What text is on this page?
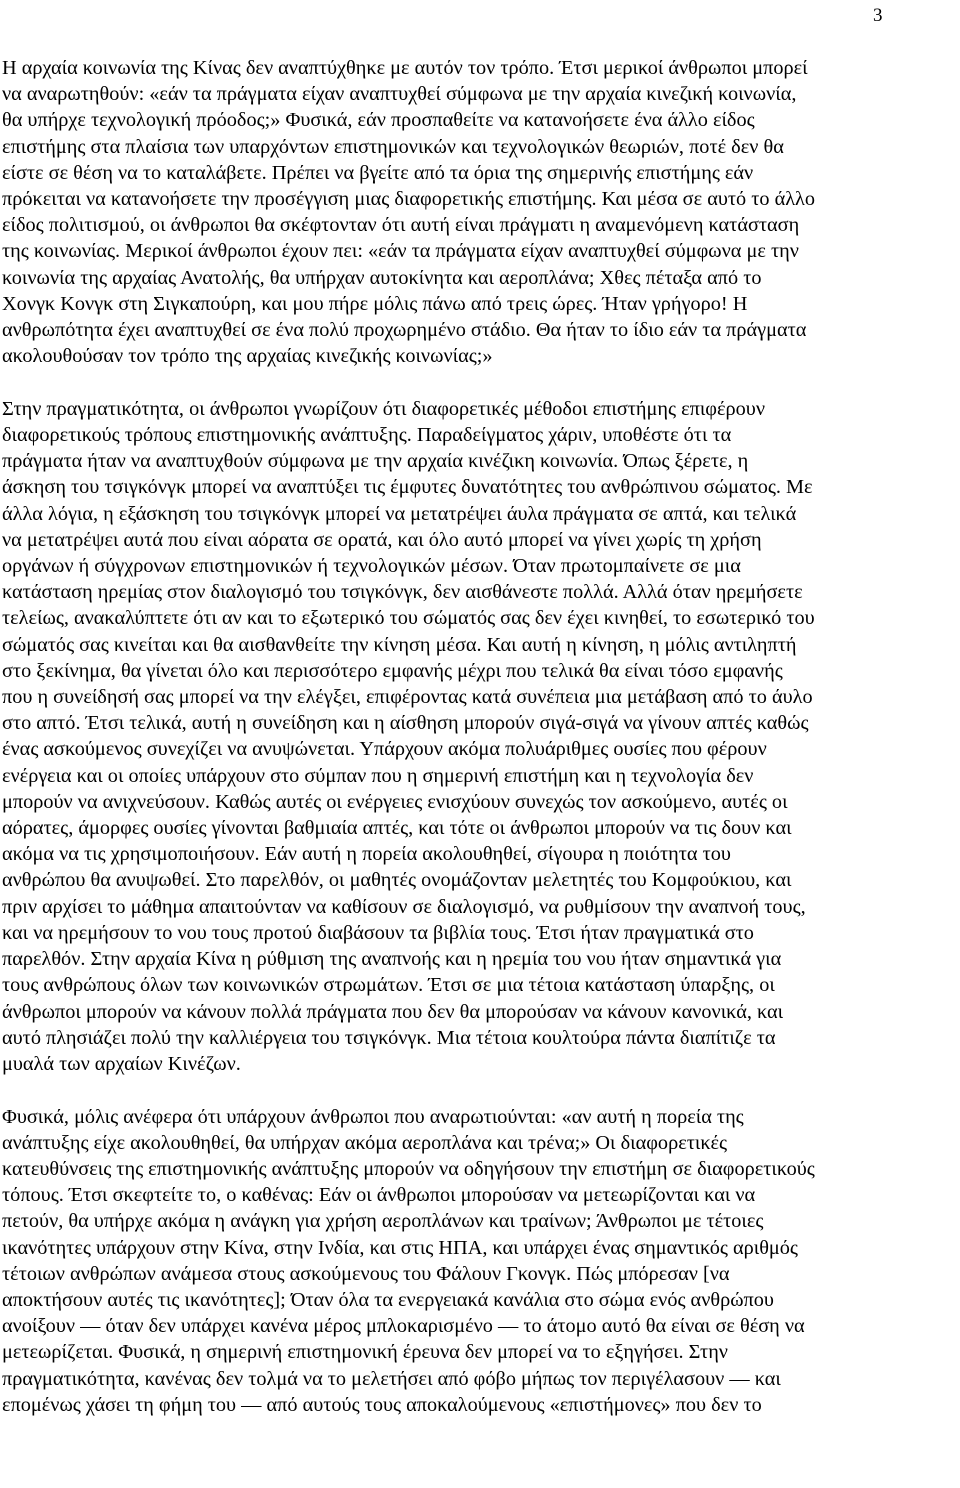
3
Η αρχαία κοινωνία της Κίνας δεν αναπτύχθηκε με αυτόν τον τρόπο. Έτσι μερικοί άνθρωποι μπορεί
να αναρωτηθούν: «εάν τα πράγματα είχαν αναπτυχθεί σύμφωνα με την αρχαία κινεζική κοινωνία,
θα υπήρχε τεχνολογική πρόοδος;» Φυσικά, εάν προσπαθείτε να κατανοήσετε ένα άλλο είδος
επιστήμης στα πλαίσια των υπαρχόντων επιστημονικών και τεχνολογικών θεωριών, ποτέ δεν θα
είστε σε θέση να το καταλάβετε. Πρέπει να βγείτε από τα όρια της σημερινής επιστήμης εάν
πρόκειται να κατανοήσετε την προσέγγιση μιας διαφορετικής επιστήμης. Και μέσα σε αυτό το άλλο
είδος πολιτισμού, οι άνθρωποι θα σκέφτονταν ότι αυτή είναι πράγματι η αναμενόμενη κατάσταση
της κοινωνίας. Μερικοί άνθρωποι έχουν πει: «εάν τα πράγματα είχαν αναπτυχθεί σύμφωνα με την
κοινωνία της αρχαίας Ανατολής, θα υπήρχαν αυτοκίνητα και αεροπλάνα; Χθες πέταξα από το
Χονγκ Κονγκ στη Σιγκαπούρη, και μου πήρε μόλις πάνω από τρεις ώρες. Ήταν γρήγορο! Η
ανθρωπότητα έχει αναπτυχθεί σε ένα πολύ προχωρημένο στάδιο. Θα ήταν το ίδιο εάν τα πράγματα
ακολουθούσαν τον τρόπο της αρχαίας κινεζικής κοινωνίας;»
Στην πραγματικότητα, οι άνθρωποι γνωρίζουν ότι διαφορετικές μέθοδοι επιστήμης επιφέρουν
διαφορετικούς τρόπους επιστημονικής ανάπτυξης. Παραδείγματος χάριν, υποθέστε ότι τα
πράγματα ήταν να αναπτυχθούν σύμφωνα με την αρχαία κινέζικη κοινωνία. Όπως ξέρετε, η
άσκηση του τσιγκόνγκ μπορεί να αναπτύξει τις έμφυτες δυνατότητες του ανθρώπινου σώματος. Με
άλλα λόγια, η εξάσκηση του τσιγκόνγκ μπορεί να μετατρέψει άυλα πράγματα σε απτά, και τελικά
να μετατρέψει αυτά που είναι αόρατα σε ορατά, και όλο αυτό μπορεί να γίνει χωρίς τη χρήση
οργάνων ή σύγχρονων επιστημονικών ή τεχνολογικών μέσων. Όταν πρωτομπαίνετε σε μια
κατάσταση ηρεμίας στον διαλογισμό του τσιγκόνγκ, δεν αισθάνεστε πολλά. Αλλά όταν ηρεμήσετε
τελείως, ανακαλύπτετε ότι αν και το εξωτερικό του σώματός σας δεν έχει κινηθεί, το εσωτερικό του
σώματός σας κινείται και θα αισθανθείτε την κίνηση μέσα. Και αυτή η κίνηση, η μόλις αντιληπτή
στο ξεκίνημα, θα γίνεται όλο και περισσότερο εμφανής μέχρι που τελικά θα είναι τόσο εμφανής
που η συνείδησή σας μπορεί να την ελέγξει, επιφέροντας κατά συνέπεια μια μετάβαση από το άυλο
στο απτό. Έτσι τελικά, αυτή η συνείδηση και η αίσθηση μπορούν σιγά-σιγά να γίνουν απτές καθώς
ένας ασκούμενος συνεχίζει να ανυψώνεται. Υπάρχουν ακόμα πολυάριθμες ουσίες που φέρουν
ενέργεια και οι οποίες υπάρχουν στο σύμπαν που η σημερινή επιστήμη και η τεχνολογία δεν
μπορούν να ανιχνεύσουν. Καθώς αυτές οι ενέργειες ενισχύουν συνεχώς τον ασκούμενο, αυτές οι
αόρατες, άμορφες ουσίες γίνονται βαθμιαία απτές, και τότε οι άνθρωποι μπορούν να τις δουν και
ακόμα να τις χρησιμοποιήσουν. Εάν αυτή η πορεία ακολουθηθεί, σίγουρα η ποιότητα του
ανθρώπου θα ανυψωθεί. Στο παρελθόν, οι μαθητές ονομάζονταν μελετητές του Κομφούκιου, και
πριν αρχίσει το μάθημα απαιτούνταν να καθίσουν σε διαλογισμό, να ρυθμίσουν την αναπνοή τους,
και να ηρεμήσουν το νου τους προτού διαβάσουν τα βιβλία τους. Έτσι ήταν πραγματικά στο
παρελθόν. Στην αρχαία Κίνα η ρύθμιση της αναπνοής και η ηρεμία του νου ήταν σημαντικά για
τους ανθρώπους όλων των κοινωνικών στρωμάτων. Έτσι σε μια τέτοια κατάσταση ύπαρξης, οι
άνθρωποι μπορούν να κάνουν πολλά πράγματα που δεν θα μπορούσαν να κάνουν κανονικά, και
αυτό πλησιάζει πολύ την καλλιέργεια του τσιγκόνγκ. Μια τέτοια κουλτούρα πάντα διαπίτιζε τα
μυαλά των αρχαίων Κινέζων.
Φυσικά, μόλις ανέφερα ότι υπάρχουν άνθρωποι που αναρωτιούνται: «αν αυτή η πορεία της
ανάπτυξης είχε ακολουθηθεί, θα υπήρχαν ακόμα αεροπλάνα και τρένα;» Οι διαφορετικές
κατευθύνσεις της επιστημονικής ανάπτυξης μπορούν να οδηγήσουν την επιστήμη σε διαφορετικούς
τόπους. Έτσι σκεφτείτε το, ο καθένας: Εάν οι άνθρωποι μπορούσαν να μετεωρίζονται και να
πετούν, θα υπήρχε ακόμα η ανάγκη για χρήση αεροπλάνων και τραίνων; Άνθρωποι με τέτοιες
ικανότητες υπάρχουν στην Κίνα, στην Ινδία, και στις ΗΠΑ, και υπάρχει ένας σημαντικός αριθμός
τέτοιων ανθρώπων ανάμεσα στους ασκούμενους του Φάλουν Γκονγκ. Πώς μπόρεσαν [να
αποκτήσουν αυτές τις ικανότητες]; Όταν όλα τα ενεργειακά κανάλια στο σώμα ενός ανθρώπου
ανοίξουν — όταν δεν υπάρχει κανένα μέρος μπλοκαρισμένο — το άτομο αυτό θα είναι σε θέση να
μετεωρίζεται. Φυσικά, η σημερινή επιστημονική έρευνα δεν μπορεί να το εξηγήσει. Στην
πραγματικότητα, κανένας δεν τολμά να το μελετήσει από φόβο μήπως τον περιγέλασουν — και
επομένως χάσει τη φήμη του — από αυτούς τους αποκαλούμενους «επιστήμονες» που δεν το
